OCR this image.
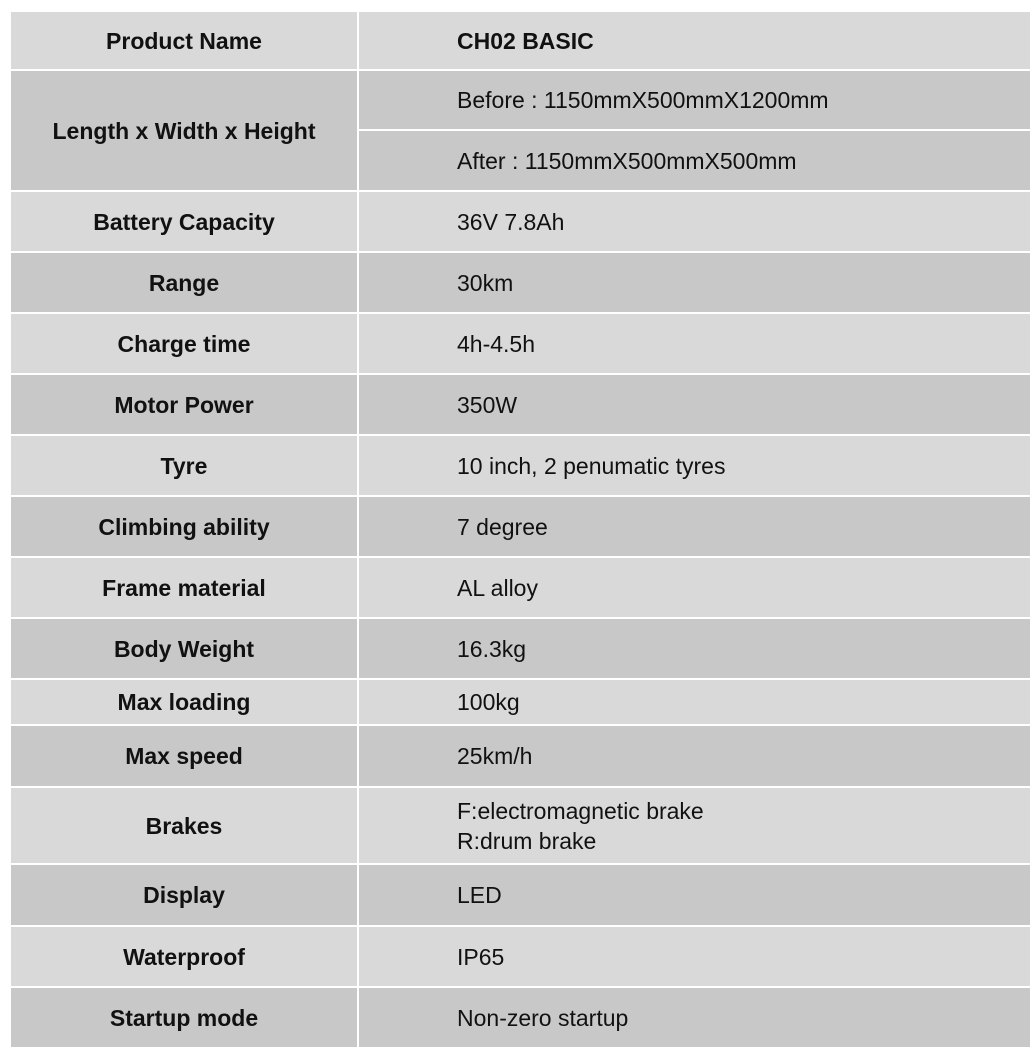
Product Name	CH02 BASIC
Length x Width x Height	Before : 1150mmX500mmX1200mm
	After : 1150mmX500mmX500mm
Battery Capacity	36V 7.8Ah
Range	30km
Charge time	4h-4.5h
Motor Power	350W
Tyre	10 inch, 2 penumatic tyres
Climbing ability	7 degree
Frame material	AL alloy
Body Weight	16.3kg
Max loading	100kg
Max speed	25km/h
Brakes	F:electromagnetic brake
R:drum brake

Display	LED
Waterproof	IP65
Startup mode	Non-zero startup
